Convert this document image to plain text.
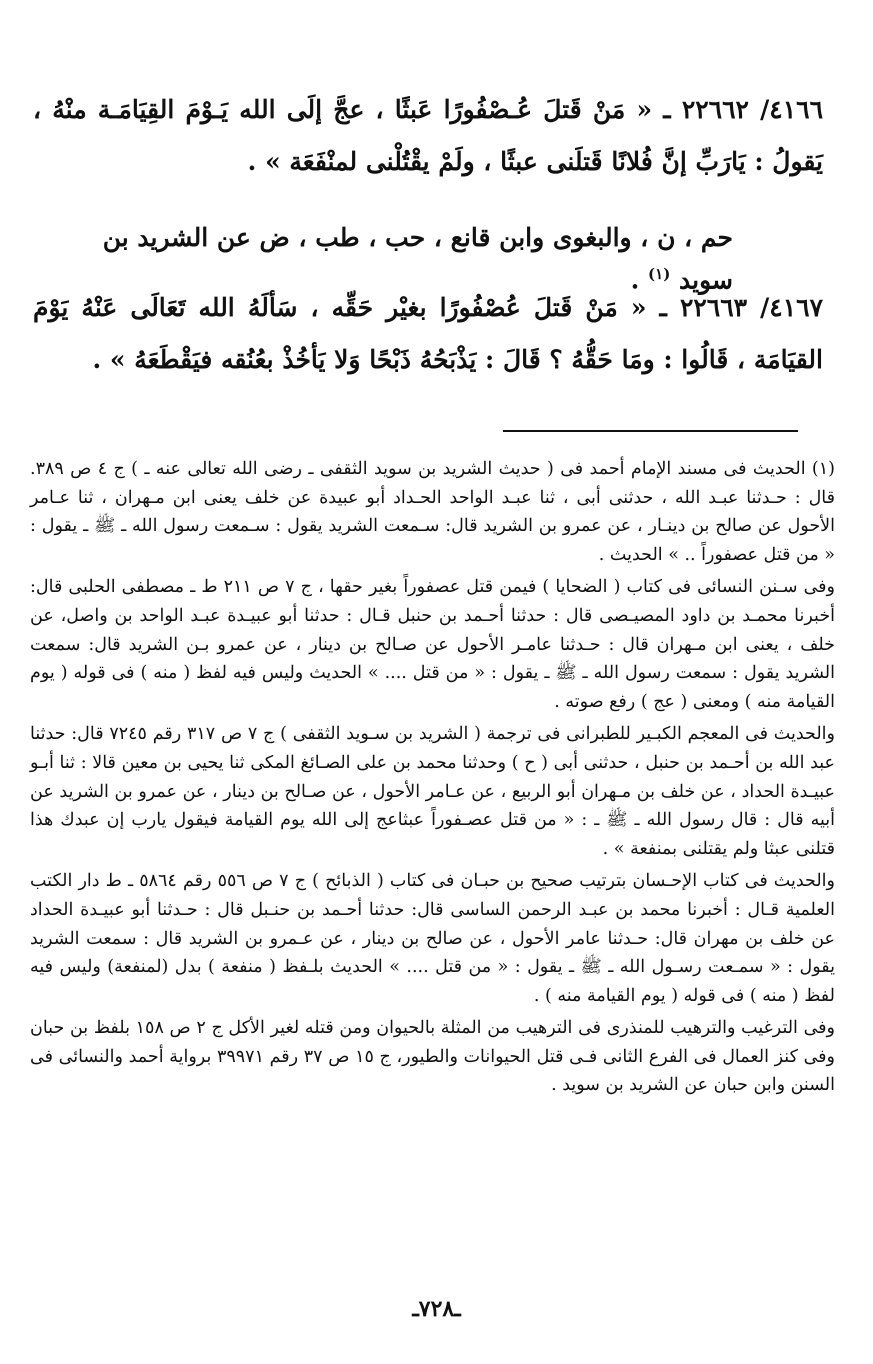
٤١٦٦/ ٢٢٦٦٢ ـ « مَنْ قَتلَ عُـصْفُورًا عَبثًا ، عجَّ إلَى الله يَـوْمَ القِيَامَـة منْهُ ، يَقولُ : يَارَبِّ إنَّ فُلانًا قَتلَنى عبثًا ، ولَمْ يقْتُلْنى لمنْفَعَة » .

حم ، ن ، والبغوى وابن قانع ، حب ، طب ، ض عن الشريد بن سويد $^{(١)}$ .

٤١٦٧/ ٢٢٦٦٣ ـ « مَنْ قَتلَ عُصْفُورًا بغيْر حَقِّه ، سَألَهُ الله تَعَالَى عَنْهُ يَوْمَ القيَامَة ، قَالُوا : ومَا حَقُّهُ ؟ قَالَ : يَذْبَحُهُ ذَبْحًا وَلا يَأخُذْ بعُنُقه فيَقْطَعَهُ » .

(١) الحديث فى مسند الإمام أحمد فى ( حديث الشريد بن سويد الثقفى ـ رضى الله تعالى عنه ـ ) ج ٤ ص ٣٨٩. قال : حـدثنا عبـد الله ، حدثنى أبى ، ثنا عبـد الواحد الحـداد أبو عبيدة عن خلف يعنى ابن مـهران ، ثنا عـامر الأحول عن صالح بن دينـار ، عن عمرو بن الشريد قال: سـمعت الشريد يقول : سـمعت رسول الله ـ ﷺ ـ يقول : « من قتل عصفوراً .. » الحديث .

وفى سـنن النسائى فى كتاب ( الضحايا ) فيمن قتل عصفوراً بغير حقها ، ج ٧ ص ٢١١ ط ـ مصطفى الحلبى قال: أخبرنا محمـد بن داود المصيـصى قال : حدثنا أحـمد بن حنبل قـال : حدثنا أبو عبيـدة عبـد الواحد بن واصل، عن خلف ، يعنى ابن مـهران قال : حـدثنا عامـر الأحول عن صـالح بن دينار ، عن عمرو بـن الشريد قال: سمعت الشريد يقول : سمعت رسول الله ـ ﷺ ـ يقول : « من قتل .... » الحديث وليس فيه لفظ ( منه ) فى قوله ( يوم القيامة منه ) ومعنى ( عج ) رفع صوته .

والحديث فى المعجم الكبـير للطبرانى فى ترجمة ( الشريد بن سـويد الثقفى ) ج ٧ ص ٣١٧ رقم ٧٢٤٥ قال: حدثنا عبد الله بن أحـمد بن حنبل ، حدثنى أبى ( ح ) وحدثنا محمد بن على الصـائغ المكى ثنا يحيى بن معين قالا : ثنا أبـو عبيـدة الحداد ، عن خلف بن مـهران أبو الربيع ، عن عـامر الأحول ، عن صـالح بن دينار ، عن عمرو بن الشريد عن أبيه قال : قال رسول الله ـ ﷺ ـ : « من قتل عصـفوراً عبثاعج إلى الله يوم القيامة فيقول يارب إن عبدك هذا قتلنى عبثا ولم يقتلنى بمنفعة » .

والحديث فى كتاب الإحـسان بترتيب صحيح بن حبـان فى كتاب ( الذبائح ) ج ٧ ص ٥٥٦ رقم ٥٨٦٤ ـ ط دار الكتب العلمية قـال : أخبرنا محمد بن عبـد الرحمن الساسى قال: حدثنا أحـمد بن حنـبل قال : حـدثنا أبو عبيـدة الحداد عن خلف بن مهران قال: حـدثنا عامر الأحول ، عن صالح بن دينار ، عن عـمرو بن الشريد قال : سمعت الشريد يقول : « سمـعت رسـول الله ـ ﷺ ـ يقول : « من قتل .... » الحديث بلـفظ ( منفعة ) بدل (لمنفعة) وليس فيه لفظ ( منه ) فى قوله ( يوم القيامة منه ) .

وفى الترغيب والترهيب للمنذرى فى الترهيب من المثلة بالحيوان ومن قتله لغير الأكل ج ٢ ص ١٥٨ بلفظ بن حبان وفى كنز العمال فى الفرع الثانى فـى قتل الحيوانات والطيور، ج ١٥ ص ٣٧ رقم ٣٩٩٧١ برواية أحمد والنسائى فى السنن وابن حبان عن الشريد بن سويد .

ـ٧٢٨ـ
